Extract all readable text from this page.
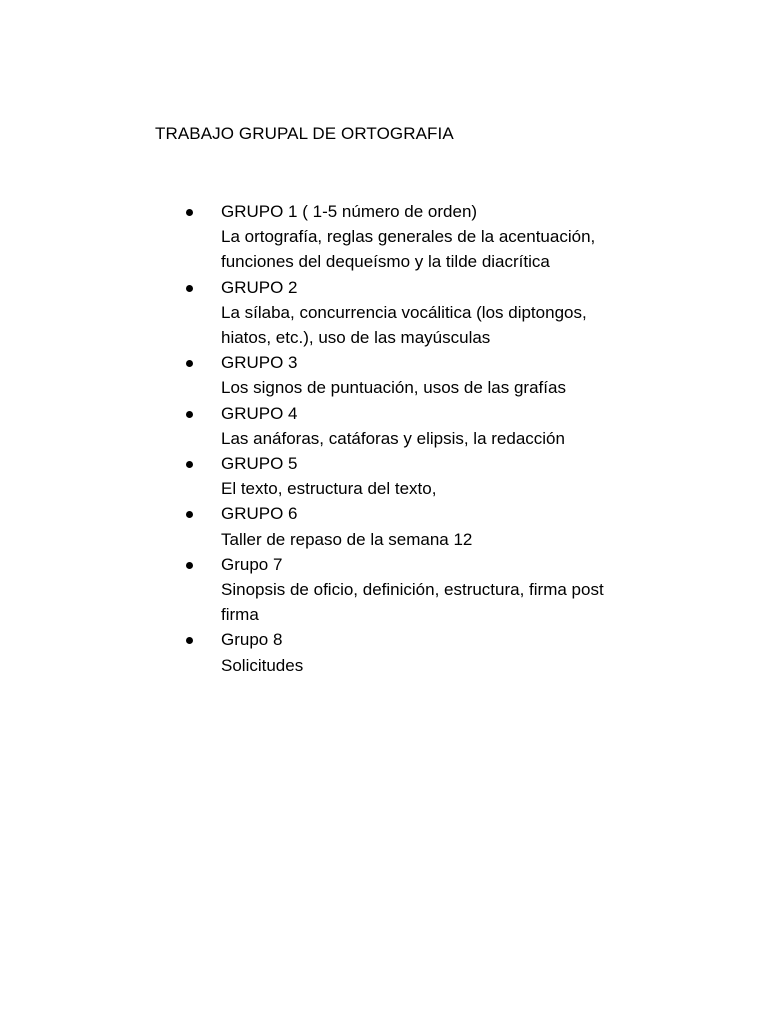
TRABAJO GRUPAL DE ORTOGRAFIA
GRUPO 1 ( 1-5 número de orden)
La ortografía, reglas generales de la acentuación, funciones del dequeísmo y la tilde diacrítica
GRUPO 2
La sílaba, concurrencia vocálitica (los diptongos, hiatos, etc.), uso de las mayúsculas
GRUPO 3
Los signos de puntuación, usos de las grafías
GRUPO 4
Las anáforas, catáforas y elipsis, la redacción
GRUPO 5
El texto, estructura del texto,
GRUPO 6
Taller de repaso de la semana 12
Grupo 7
Sinopsis de oficio, definición, estructura, firma post firma
Grupo 8
Solicitudes
